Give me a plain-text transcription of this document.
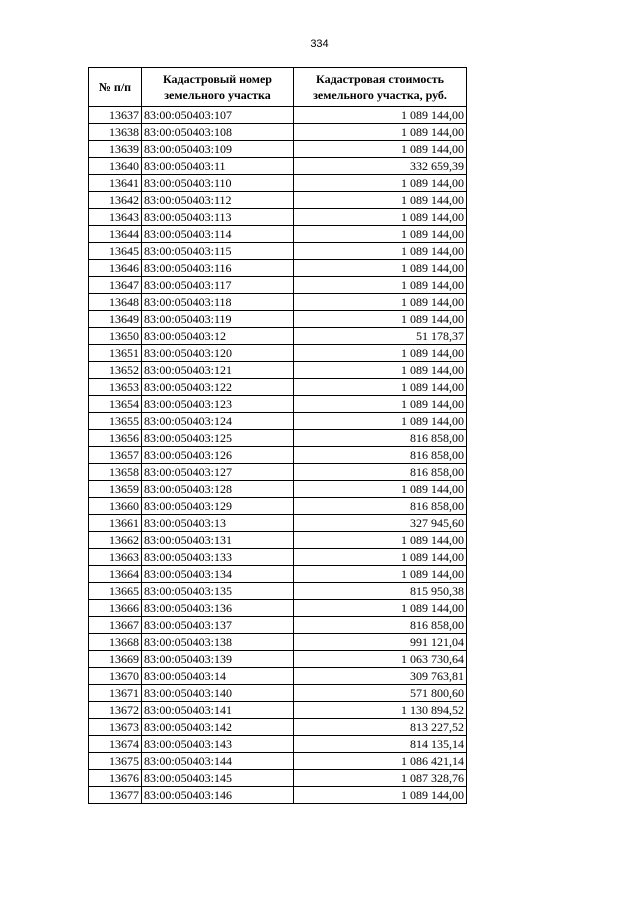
334
№ п/п	Кадастровый номер земельного участка	Кадастровая стоимость земельного участка, руб.
13637	83:00:050403:107	1 089 144,00
13638	83:00:050403:108	1 089 144,00
13639	83:00:050403:109	1 089 144,00
13640	83:00:050403:11	332 659,39
13641	83:00:050403:110	1 089 144,00
13642	83:00:050403:112	1 089 144,00
13643	83:00:050403:113	1 089 144,00
13644	83:00:050403:114	1 089 144,00
13645	83:00:050403:115	1 089 144,00
13646	83:00:050403:116	1 089 144,00
13647	83:00:050403:117	1 089 144,00
13648	83:00:050403:118	1 089 144,00
13649	83:00:050403:119	1 089 144,00
13650	83:00:050403:12	51 178,37
13651	83:00:050403:120	1 089 144,00
13652	83:00:050403:121	1 089 144,00
13653	83:00:050403:122	1 089 144,00
13654	83:00:050403:123	1 089 144,00
13655	83:00:050403:124	1 089 144,00
13656	83:00:050403:125	816 858,00
13657	83:00:050403:126	816 858,00
13658	83:00:050403:127	816 858,00
13659	83:00:050403:128	1 089 144,00
13660	83:00:050403:129	816 858,00
13661	83:00:050403:13	327 945,60
13662	83:00:050403:131	1 089 144,00
13663	83:00:050403:133	1 089 144,00
13664	83:00:050403:134	1 089 144,00
13665	83:00:050403:135	815 950,38
13666	83:00:050403:136	1 089 144,00
13667	83:00:050403:137	816 858,00
13668	83:00:050403:138	991 121,04
13669	83:00:050403:139	1 063 730,64
13670	83:00:050403:14	309 763,81
13671	83:00:050403:140	571 800,60
13672	83:00:050403:141	1 130 894,52
13673	83:00:050403:142	813 227,52
13674	83:00:050403:143	814 135,14
13675	83:00:050403:144	1 086 421,14
13676	83:00:050403:145	1 087 328,76
13677	83:00:050403:146	1 089 144,00
